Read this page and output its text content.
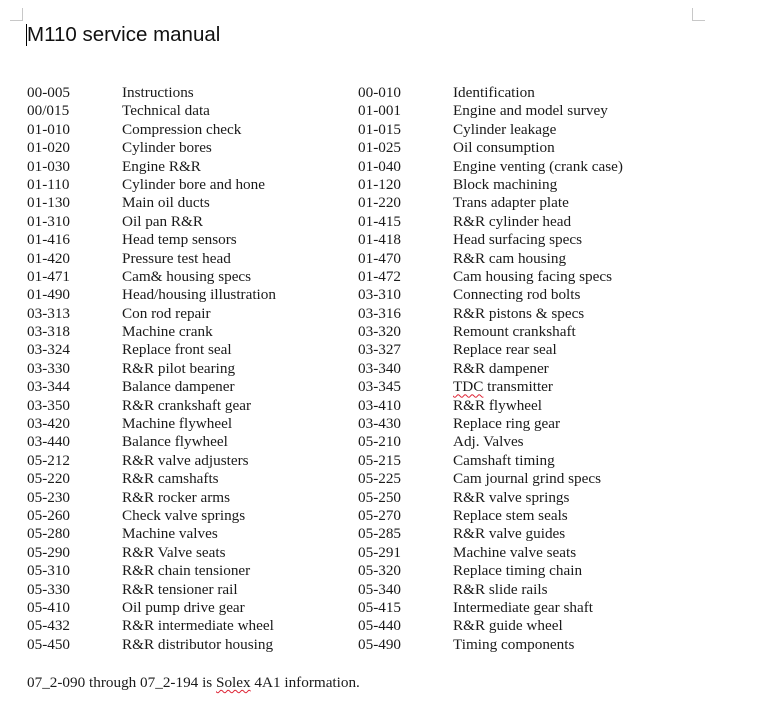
M110 service manual
00-005	Instructions	00-010	Identification
00/015	Technical data	01-001	Engine and model survey
01-010	Compression check	01-015	Cylinder leakage
01-020	Cylinder bores	01-025	Oil consumption
01-030	Engine R&R	01-040	Engine venting (crank case)
01-110	Cylinder bore and hone	01-120	Block machining
01-130	Main oil ducts	01-220	Trans adapter plate
01-310	Oil pan R&R	01-415	R&R cylinder head
01-416	Head temp sensors	01-418	Head surfacing specs
01-420	Pressure test head	01-470	R&R cam housing
01-471	Cam& housing specs	01-472	Cam housing facing specs
01-490	Head/housing illustration	03-310	Connecting rod bolts
03-313	Con rod repair	03-316	R&R pistons & specs
03-318	Machine crank	03-320	Remount crankshaft
03-324	Replace front seal	03-327	Replace rear seal
03-330	R&R pilot bearing	03-340	R&R dampener
03-344	Balance dampener	03-345	TDC transmitter
03-350	R&R crankshaft gear	03-410	R&R flywheel
03-420	Machine flywheel	03-430	Replace ring gear
03-440	Balance flywheel	05-210	Adj. Valves
05-212	R&R valve adjusters	05-215	Camshaft timing
05-220	R&R camshafts	05-225	Cam journal grind specs
05-230	R&R rocker arms	05-250	R&R valve springs
05-260	Check valve springs	05-270	Replace stem seals
05-280	Machine valves	05-285	R&R valve guides
05-290	R&R Valve seats	05-291	Machine valve seats
05-310	R&R chain tensioner	05-320	Replace timing chain
05-330	R&R tensioner rail	05-340	R&R slide rails
05-410	Oil pump drive gear	05-415	Intermediate gear shaft
05-432	R&R intermediate wheel	05-440	R&R guide wheel
05-450	R&R distributor housing	05-490	Timing components
07_2-090 through 07_2-194 is Solex 4A1 information.
